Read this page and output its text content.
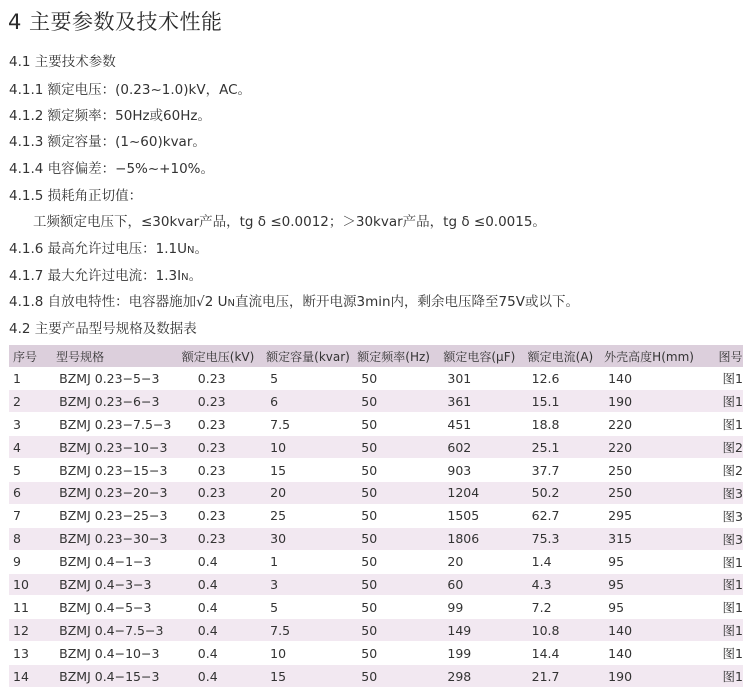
4 主要参数及技术性能
4.1 主要技术参数
4.1.1 额定电压：(0.23~1.0)kV，AC。
4.1.2 额定频率：50Hz或60Hz。
4.1.3 额定容量：(1~60)kvar。
4.1.4 电容偏差：−5%~+10%。
4.1.5 损耗角正切值：
工频额定电压下，≤30kvar产品，tg δ ≤0.0012；＞30kvar产品，tg δ ≤0.0015。
4.1.6 最高允许过电压：1.1UN。
4.1.7 最大允许过电流：1.3IN。
4.1.8 自放电特性：电容器施加√2 UN直流电压，断开电源3min内，剩余电压降至75V或以下。
4.2 主要产品型号规格及数据表
序号	型号规格	额定电压(kV)	额定容量(kvar)	额定频率(Hz)	额定电容(μF)	额定电流(A)	外壳高度H(mm)	图号
1	BZMJ 0.23−5−3	0.23	5	50	301	12.6	140	图1
2	BZMJ 0.23−6−3	0.23	6	50	361	15.1	190	图1
3	BZMJ 0.23−7.5−3	0.23	7.5	50	451	18.8	220	图1
4	BZMJ 0.23−10−3	0.23	10	50	602	25.1	220	图2
5	BZMJ 0.23−15−3	0.23	15	50	903	37.7	250	图2
6	BZMJ 0.23−20−3	0.23	20	50	1204	50.2	250	图3
7	BZMJ 0.23−25−3	0.23	25	50	1505	62.7	295	图3
8	BZMJ 0.23−30−3	0.23	30	50	1806	75.3	315	图3
9	BZMJ 0.4−1−3	0.4	1	50	20	1.4	95	图1
10	BZMJ 0.4−3−3	0.4	3	50	60	4.3	95	图1
11	BZMJ 0.4−5−3	0.4	5	50	99	7.2	95	图1
12	BZMJ 0.4−7.5−3	0.4	7.5	50	149	10.8	140	图1
13	BZMJ 0.4−10−3	0.4	10	50	199	14.4	140	图1
14	BZMJ 0.4−15−3	0.4	15	50	298	21.7	190	图1
